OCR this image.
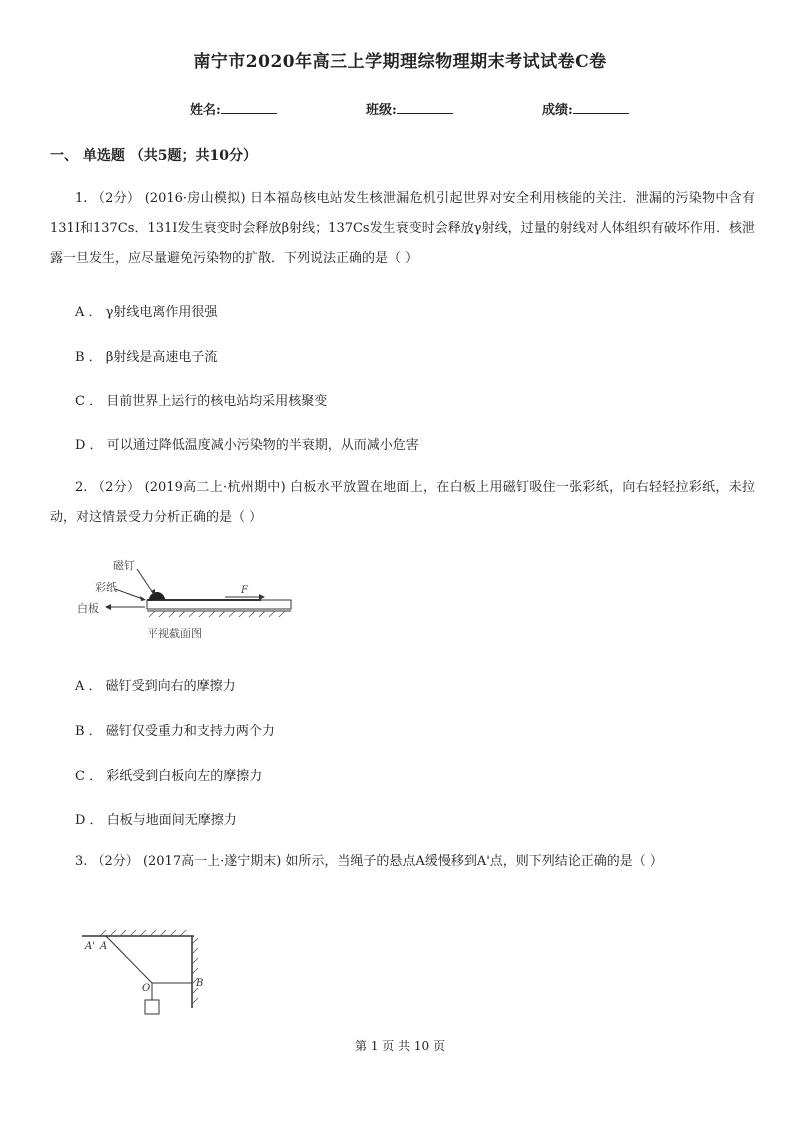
南宁市2020年高三上学期理综物理期末考试试卷C卷
姓名:	班级:	成绩:
一、 单选题 （共5题；共10分）
1. （2分） (2016·房山模拟) 日本福岛核电站发生核泄漏危机引起世界对安全利用核能的关注．泄漏的污染物中含有131I和137Cs．131I发生衰变时会释放β射线；137Cs发生衰变时会释放γ射线，过量的射线对人体组织有破坏作用．核泄露一旦发生，应尽量避免污染物的扩散．下列说法正确的是（ ）
A ． γ射线电离作用很强
B ． β射线是高速电子流
C ． 目前世界上运行的核电站均采用核聚变
D ． 可以通过降低温度减小污染物的半衰期，从而减小危害
2. （2分） (2019高二上·杭州期中) 白板水平放置在地面上，在白板上用磁钉吸住一张彩纸，向右轻轻拉彩纸，未拉动，对这情景受力分析正确的是（ ）
磁钉
彩纸
白板
F
平视截面图
A ． 磁钉受到向右的摩擦力
B ． 磁钉仅受重力和支持力两个力
C ． 彩纸受到白板向左的摩擦力
D ． 白板与地面间无摩擦力
3. （2分） (2017高一上·遂宁期末) 如所示，当绳子的悬点A缓慢移到A'点，则下列结论正确的是（ ）
A' A
O	B
第 1 页 共 10 页
